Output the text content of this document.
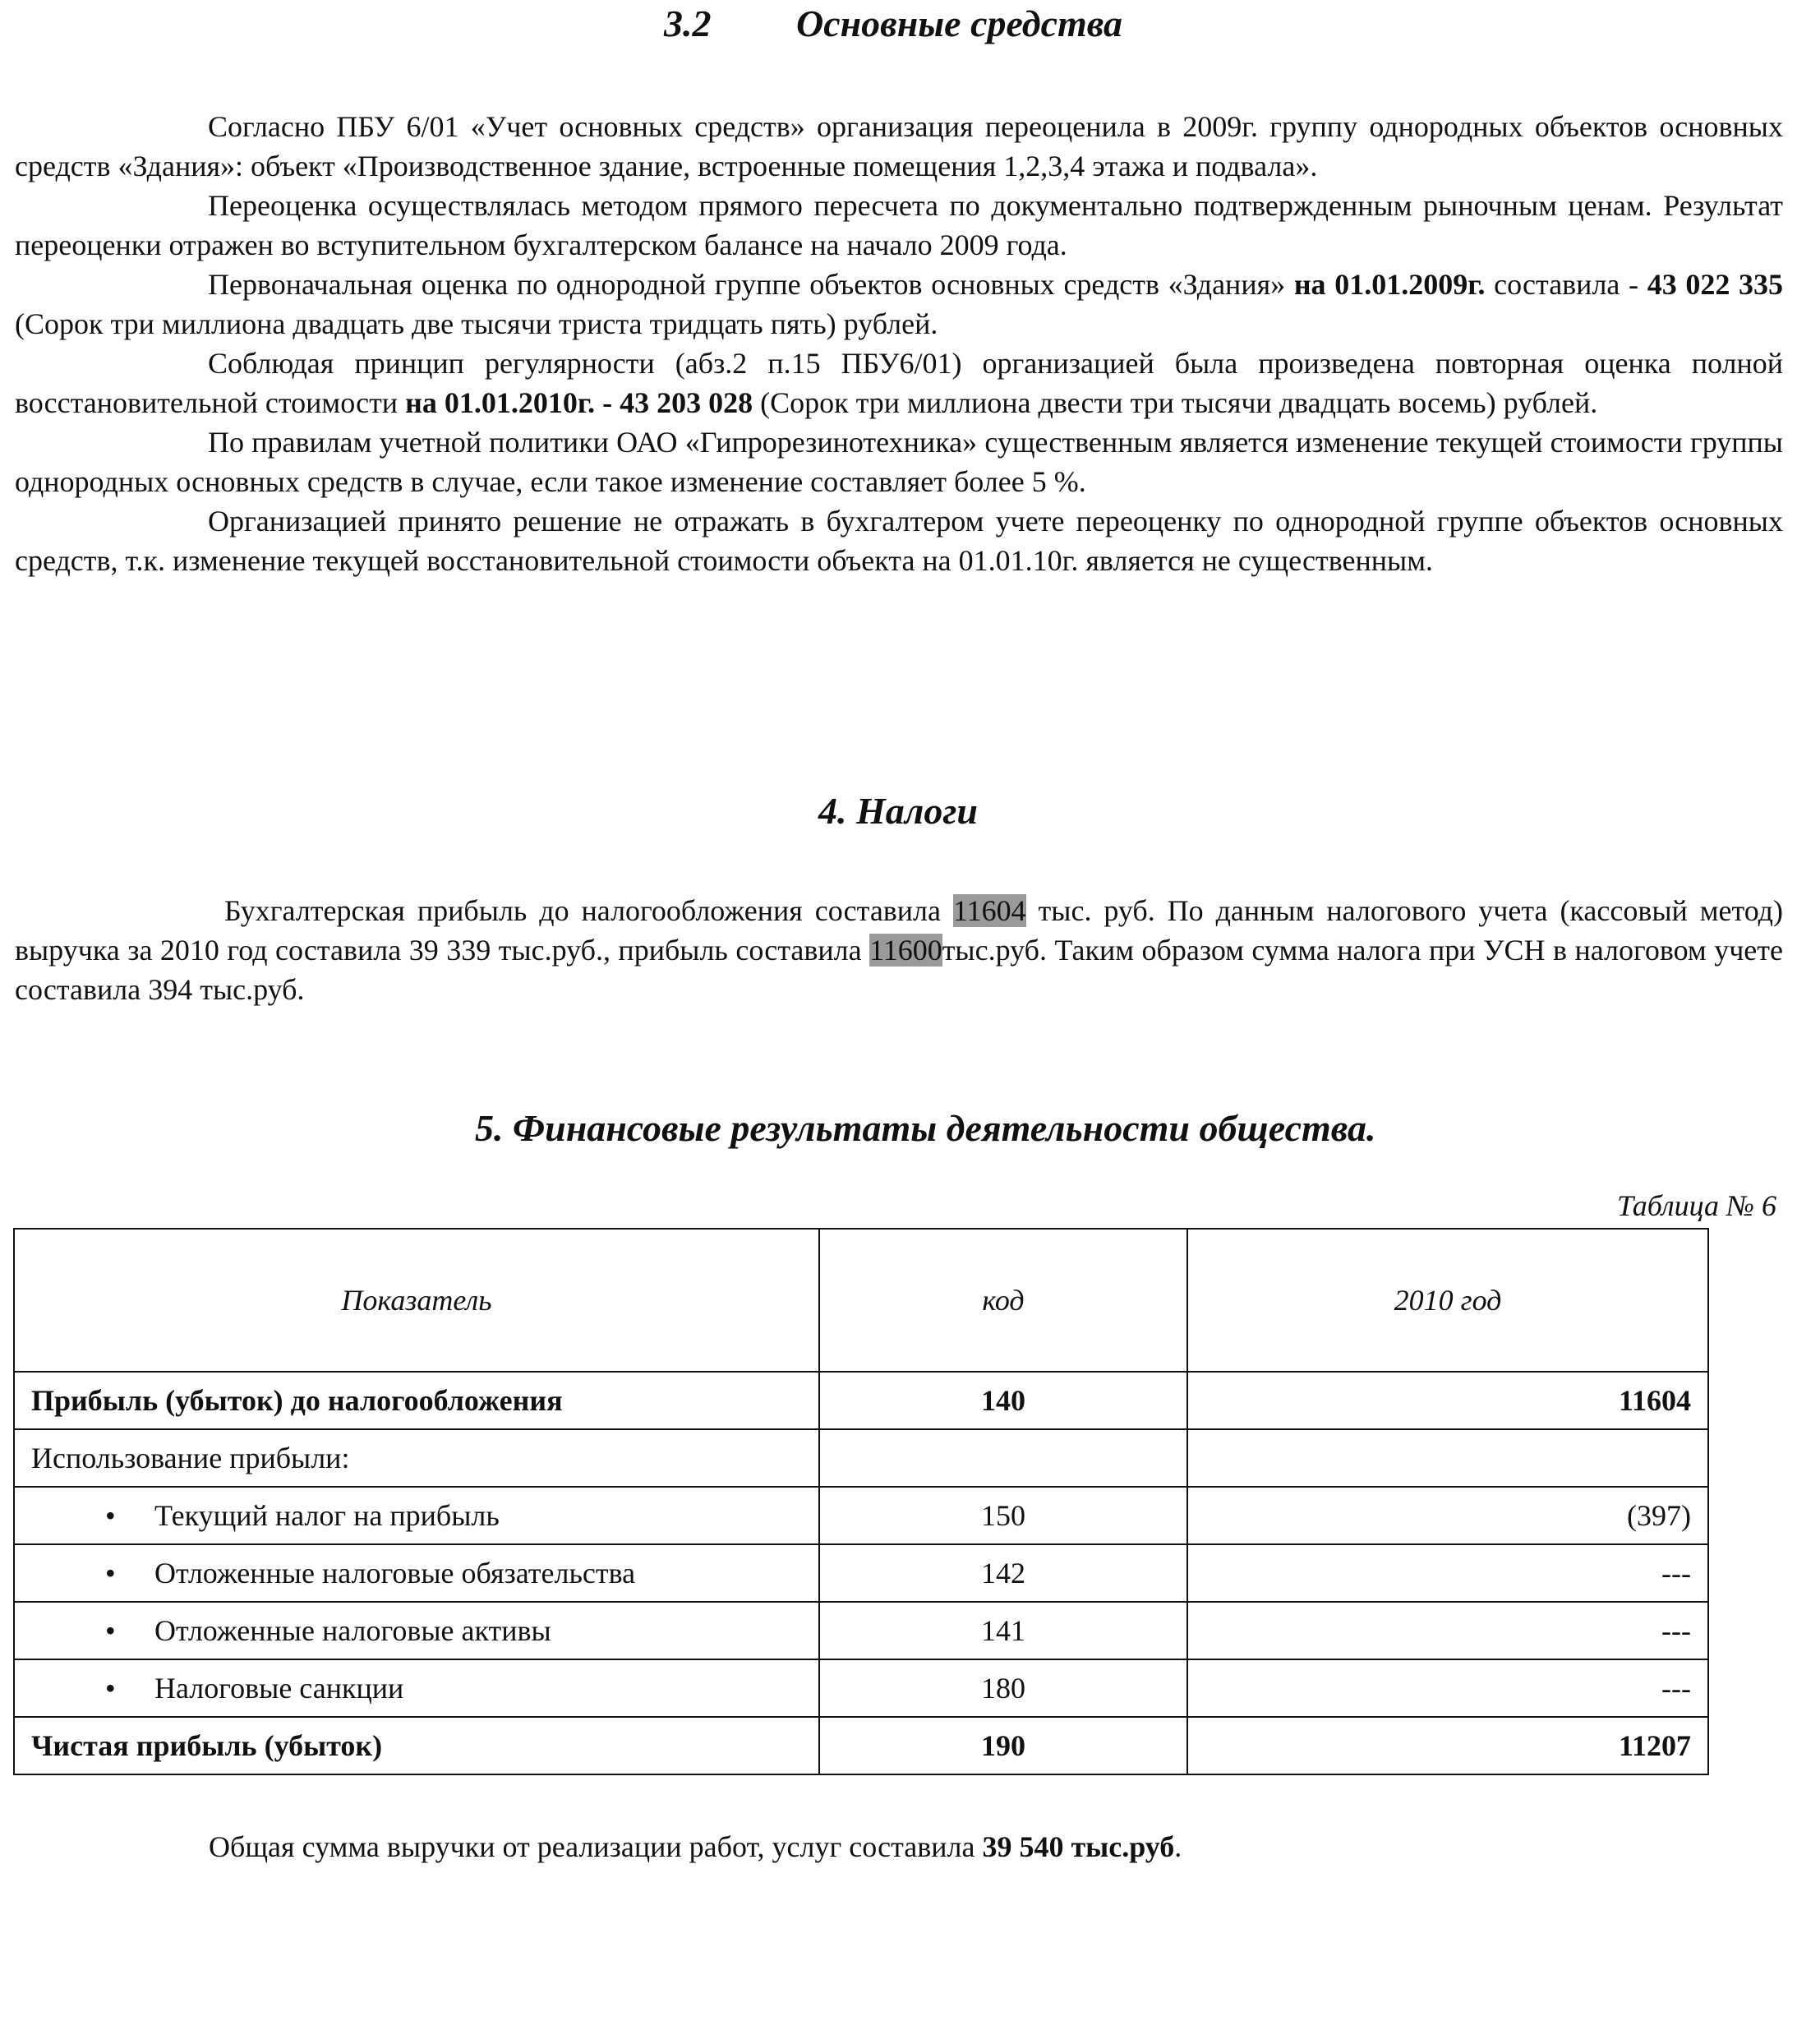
3.2 Основные средства

Согласно ПБУ 6/01 «Учет основных средств» организация переоценила в 2009г. группу однородных объектов основных средств «Здания»: объект «Производственное здание, встроенные помещения 1,2,3,4 этажа и подвала».

Переоценка осуществлялась методом прямого пересчета по документально подтвержденным рыночным ценам. Результат переоценки отражен во вступительном бухгалтерском балансе на начало 2009 года.

Первоначальная оценка по однородной группе объектов основных средств «Здания» на 01.01.2009г. составила - 43 022 335 (Сорок три миллиона двадцать две тысячи триста тридцать пять) рублей.

Соблюдая принцип регулярности (абз.2 п.15 ПБУ6/01) организацией была произведена повторная оценка полной восстановительной стоимости на 01.01.2010г. - 43 203 028 (Сорок три миллиона двести три тысячи двадцать восемь) рублей.

По правилам учетной политики ОАО «Гипрорезинотехника» существенным является изменение текущей стоимости группы однородных основных средств в случае, если такое изменение составляет более 5 %.

Организацией принято решение не отражать в бухгалтером учете переоценку по однородной группе объектов основных средств, т.к. изменение текущей восстановительной стоимости объекта на 01.01.10г. является не существенным.

4. Налоги

Бухгалтерская прибыль до налогообложения составила 11604 тыс. руб. По данным налогового учета (кассовый метод) выручка за 2010 год составила 39 339 тыс.руб., прибыль составила 11600тыс.руб. Таким образом сумма налога при УСН в налоговом учете составила 394 тыс.руб.

5. Финансовые результаты деятельности общества.
Таблица № 6
Показатель	код	2010 год
Прибыль (убыток) до налогообложения	140	11604
Использование прибыли:		
• Текущий налог на прибыль	150	(397)
• Отложенные налоговые обязательства	142	---
• Отложенные налоговые активы	141	---
• Налоговые санкции	180	---
Чистая прибыль (убыток)	190	11207
Общая сумма выручки от реализации работ, услуг составила 39 540 тыс.руб.
